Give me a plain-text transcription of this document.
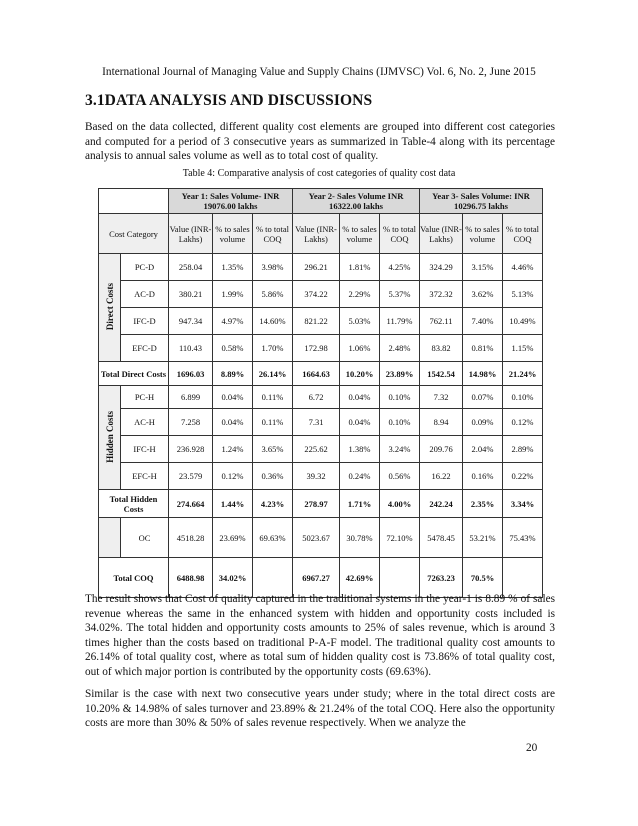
International Journal of Managing Value and Supply Chains (IJMVSC) Vol. 6, No. 2, June 2015
3.1DATA ANALYSIS AND DISCUSSIONS
Based on the data collected, different quality cost elements are grouped into different cost categories and computed for a period of 3 consecutive years as summarized in Table-4 along with its percentage analysis to annual sales volume as well as to total cost of quality.
Table 4: Comparative analysis of cost categories of quality cost data
		Year 1: Sales Volume- INR 19076.00 lakhs			Year 2- Sales Volume INR 16322.00 lakhs			Year 3- Sales Volume: INR 10296.75 lakhs		
Cost Category		Value (INR-Lakhs)	% to sales volume	% to total COQ	Value (INR-Lakhs)	% to sales volume	% to total COQ	Value (INR-Lakhs)	% to sales volume	% to total COQ
Direct Costs	PC-D	258.04	1.35%	3.98%	296.21	1.81%	4.25%	324.29	3.15%	4.46%
	AC-D	380.21	1.99%	5.86%	374.22	2.29%	5.37%	372.32	3.62%	5.13%
	IFC-D	947.34	4.97%	14.60%	821.22	5.03%	11.79%	762.11	7.40%	10.49%
	EFC-D	110.43	0.58%	1.70%	172.98	1.06%	2.48%	83.82	0.81%	1.15%
Total Direct Costs		1696.03	8.89%	26.14%	1664.63	10.20%	23.89%	1542.54	14.98%	21.24%
Hidden Costs	PC-H	6.899	0.04%	0.11%	6.72	0.04%	0.10%	7.32	0.07%	0.10%
	AC-H	7.258	0.04%	0.11%	7.31	0.04%	0.10%	8.94	0.09%	0.12%
	IFC-H	236.928	1.24%	3.65%	225.62	1.38%	3.24%	209.76	2.04%	2.89%
	EFC-H	23.579	0.12%	0.36%	39.32	0.24%	0.56%	16.22	0.16%	0.22%
Total Hidden Costs		274.664	1.44%	4.23%	278.97	1.71%	4.00%	242.24	2.35%	3.34%
	OC	4518.28	23.69%	69.63%	5023.67	30.78%	72.10%	5478.45	53.21%	75.43%
Total COQ		6488.98	34.02%		6967.27	42.69%		7263.23	70.5%	
The result shows that Cost of quality captured in the traditional systems in the year-1 is 8.89 % of sales revenue whereas the same in the enhanced system with hidden and opportunity costs included is 34.02%. The total hidden and opportunity costs amounts to 25% of sales revenue, which is around 3 times higher than the costs based on traditional P-A-F model. The traditional quality cost amounts to 26.14% of total quality cost, where as total sum of hidden quality cost is 73.86% of total quality cost, out of which major portion is contributed by the opportunity costs (69.63%).
Similar is the case with next two consecutive years under study; where in the total direct costs are 10.20% & 14.98% of sales turnover and 23.89% & 21.24% of the total COQ. Here also the opportunity costs are more than 30% & 50% of sales revenue respectively. When we analyze the
20
